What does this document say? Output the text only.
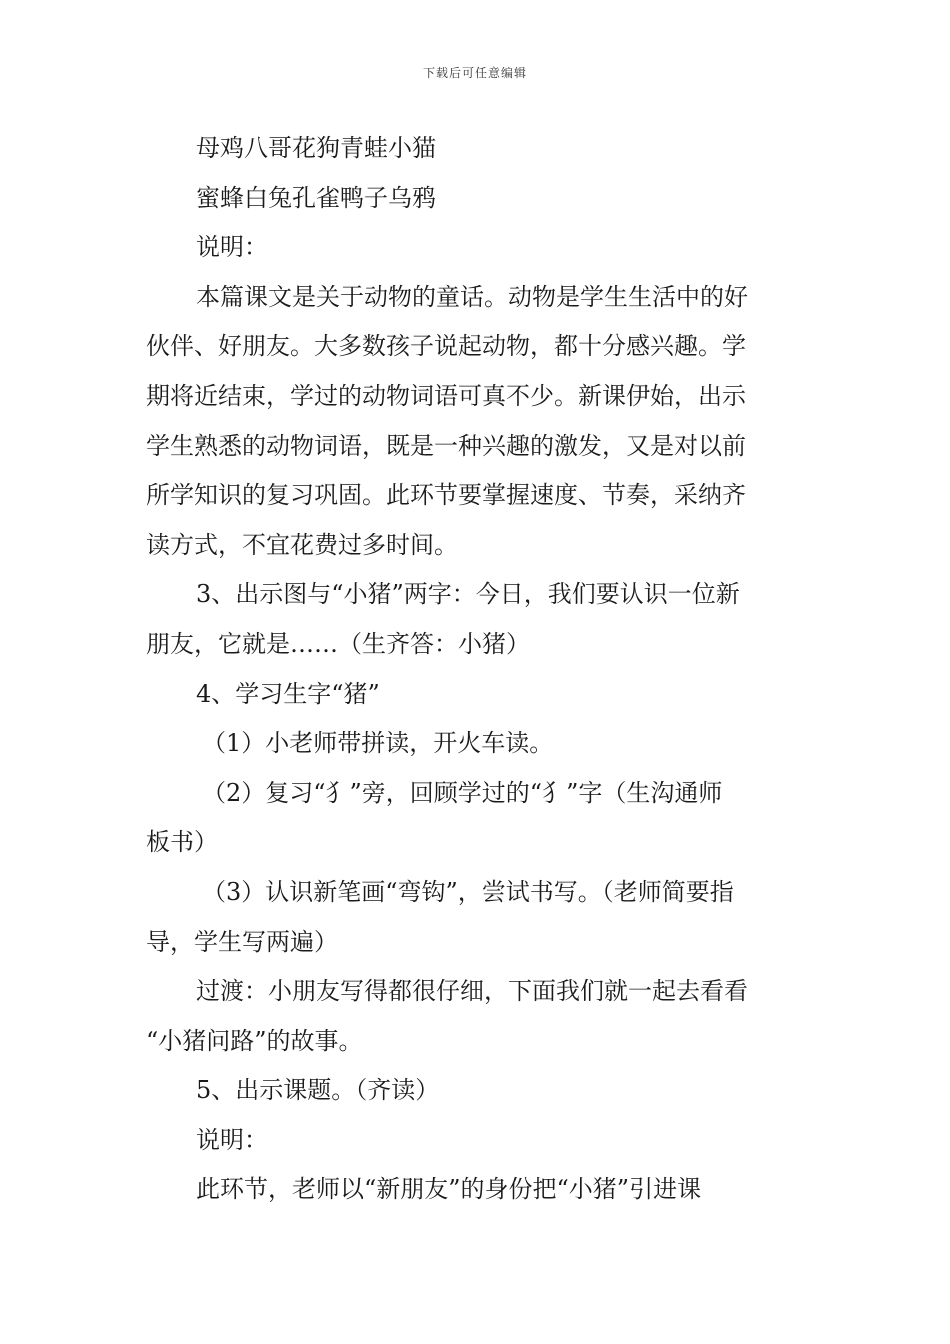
下载后可任意编辑
母鸡八哥花狗青蛙小猫
蜜蜂白兔孔雀鸭子乌鸦
说明：
本篇课文是关于动物的童话。动物是学生生活中的好
伙伴、好朋友。大多数孩子说起动物，都十分感兴趣。学
期将近结束，学过的动物词语可真不少。新课伊始，出示
学生熟悉的动物词语，既是一种兴趣的激发，又是对以前
所学知识的复习巩固。此环节要掌握速度、节奏，采纳齐
读方式，不宜花费过多时间。
3、出示图与“小猪”两字：今日，我们要认识一位新
朋友，它就是……（生齐答：小猪）
4、学习生字“猪”
（1）小老师带拼读，开火车读。
（2）复习“犭”旁，回顾学过的“犭”字（生沟通师
板书）
（3）认识新笔画“弯钩”，尝试书写。（老师简要指
导，学生写两遍）
过渡：小朋友写得都很仔细，下面我们就一起去看看
“小猪问路”的故事。
5、出示课题。（齐读）
说明：
此环节，老师以“新朋友”的身份把“小猪”引进课
